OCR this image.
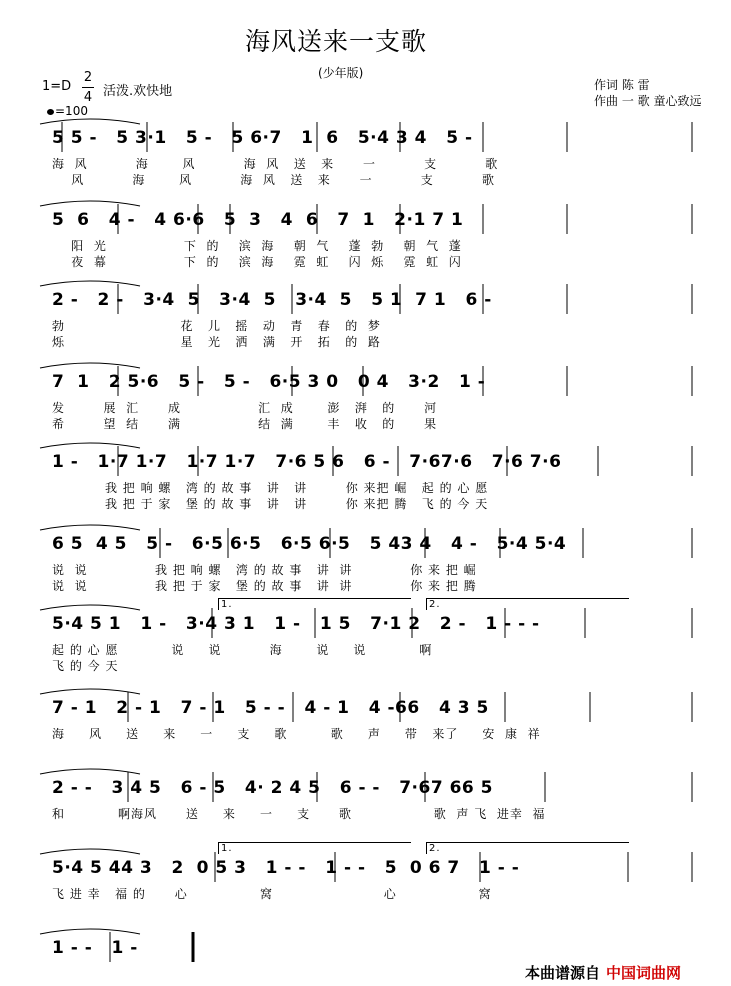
海风送来一支歌
(少年版)
1=D
2
4 活泼.欢快地
=100
作词 陈 雷
作曲 一 歌 童心致远
5 5 -   5 3·1   5 -   5 6·7   1  6   5·4 3 4   5 -
海  风          海       风          海  风   送   来      一          支          歌
风          海       风          海  风   送   来      一          支          歌
5  6   4 -   4 6·6   5  3   4  6   7  1   2·1 7 1
阳  光                下  的    滨  海    朝  气    蓬  勃    朝  气  蓬
夜  幕                下  的    滨  海    霓  虹    闪  烁    霓  虹  闪
2 -   2 -   3·4  5   3·4  5   3·4  5   5 1  7 1   6 -
勃                        花   儿   摇   动   青   春   的  梦
烁                        星   光   洒   满   开   拓   的  路
7  1   2 5·6   5 -   5 -   6·5 3 0   0 4   3·2   1 -
发        展  汇      成                汇  成       澎   湃   的      河
希        望  结      满                结  满       丰   收   的      果
1 -   1·7 1·7   1·7 1·7   7·6 5 6   6 -   7·67·6   7·6 7·6
我 把 响 螺   湾 的 故 事   讲   讲        你 来把 崛   起 的 心 愿
我 把 于 家   堡 的 故 事   讲   讲        你 来把 腾   飞 的 今 天
6 5  4 5   5 -   6·5 6·5   6·5 6·5   5 43 4   4 -   5·4 5·4
说  说              我 把 响 螺   湾 的 故 事   讲  讲            你 来 把 崛
说  说              我 把 于 家   堡 的 故 事   讲  讲            你 来 把 腾
5·4 5 1   1 -   3·4 3 1   1 -   1 5   7·1 2   2 -   1 - - -
起 的 心 愿           说     说          海       说     说           啊
飞 的 今 天
1.	2.
7 - 1   2 - 1   7 - 1   5 - -   4 - 1   4 -66   4 3 5
海     风     送     来     一     支     歌         歌     声     带   来了     安  康  祥
2 - -   3 4 5   6 - 5   4· 2 4 5   6 - -   7·67 66 5
和           啊海风      送     来     一     支      歌                 歌  声 飞  进幸  福
5·4 5 44 3   2  0 5 3   1 - -   1 - -   5  0 6 7   1 - -
飞 进 幸   福 的      心               窝                       心                 窝
1.	2.
1 - -   1 -
本曲谱源自 中国词曲网
